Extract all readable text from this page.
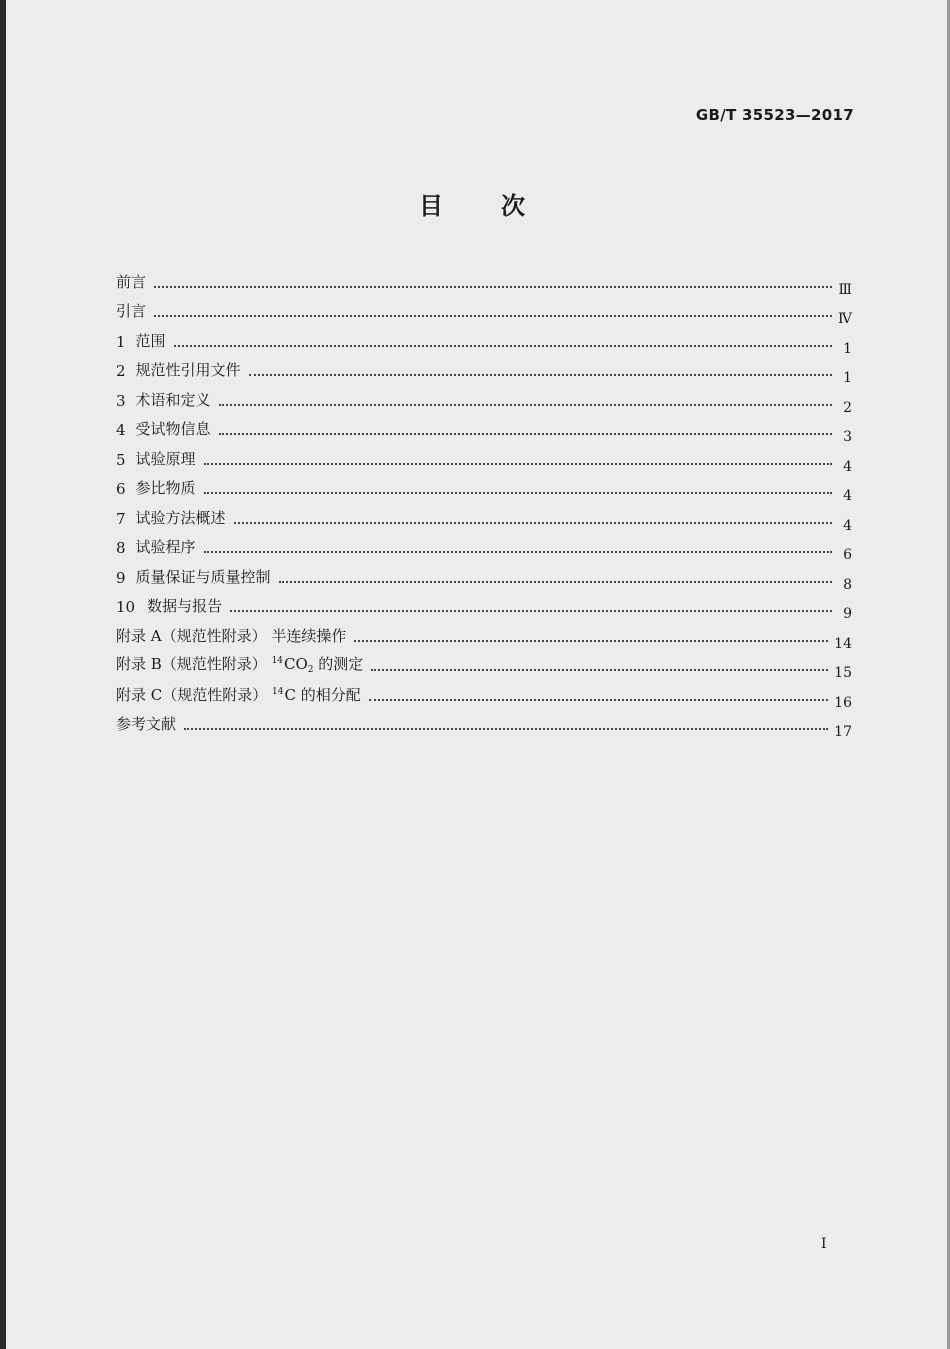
GB/T 35523—2017
目次
前言	Ⅲ
引言	Ⅳ
1 范围	1
2 规范性引用文件	1
3 术语和定义	2
4 受试物信息	3
5 试验原理	4
6 参比物质	4
7 试验方法概述	4
8 试验程序	6
9 质量保证与质量控制	8
10 数据与报告	9
附录 A（规范性附录） 半连续操作	14
附录 B（规范性附录） $^{14}CO_2$ 的测定	15
附录 C（规范性附录） $^{14}$C 的相分配	16
参考文献	17
I
